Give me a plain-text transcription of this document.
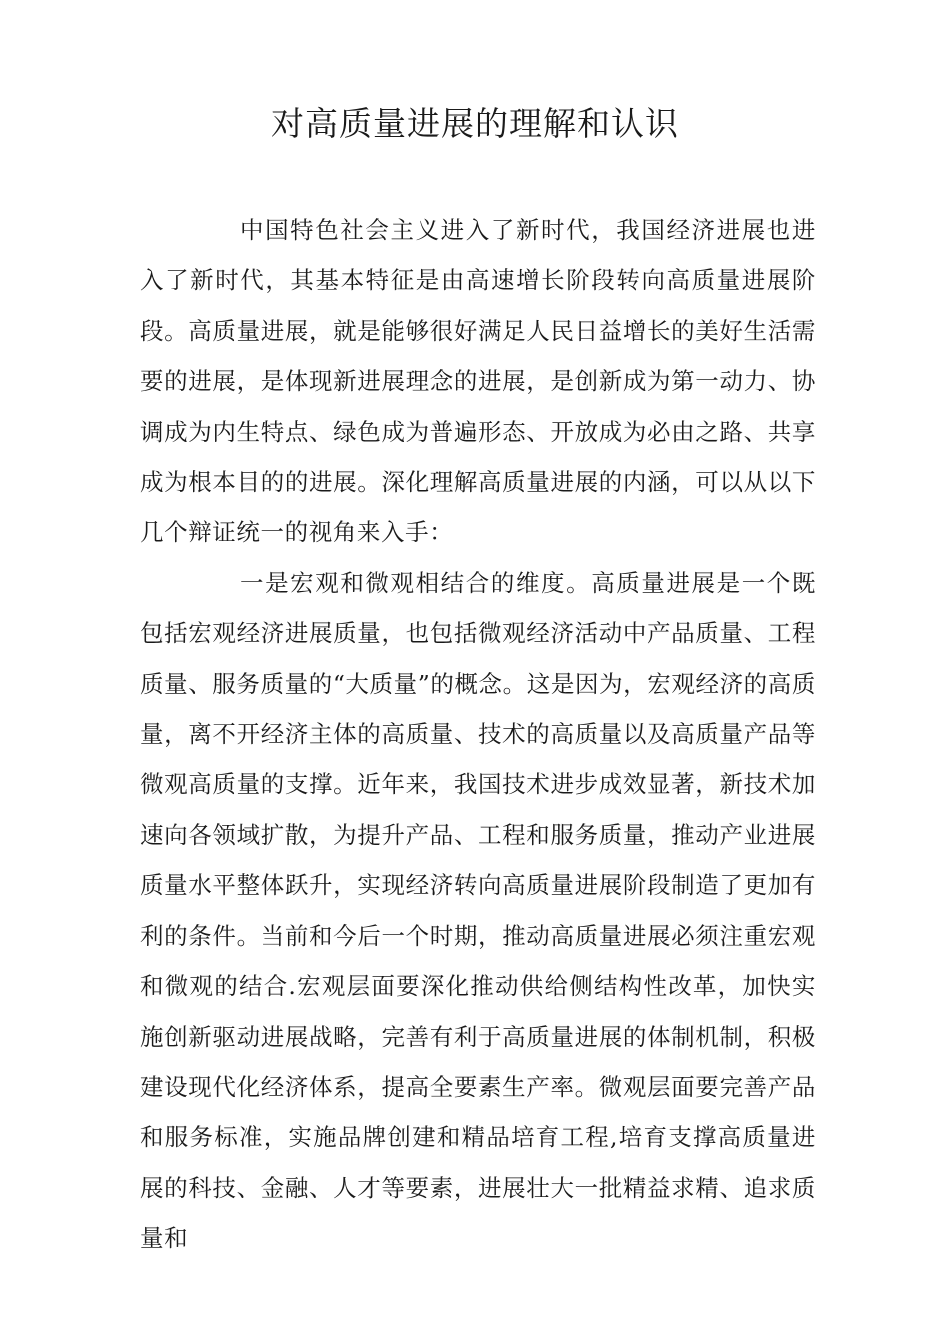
对高质量进展的理解和认识

中国特色社会主义进入了新时代，我国经济进展也进入了新时代，其基本特征是由高速增长阶段转向高质量进展阶段。高质量进展，就是能够很好满足人民日益增长的美好生活需要的进展，是体现新进展理念的进展，是创新成为第一动力、协调成为内生特点、绿色成为普遍形态、开放成为必由之路、共享成为根本目的的进展。深化理解高质量进展的内涵，可以从以下几个辩证统一的视角来入手：

一是宏观和微观相结合的维度。高质量进展是一个既包括宏观经济进展质量，也包括微观经济活动中产品质量、工程质量、服务质量的“大质量”的概念。这是因为，宏观经济的高质量，离不开经济主体的高质量、技术的高质量以及高质量产品等微观高质量的支撑。近年来，我国技术进步成效显著，新技术加速向各领域扩散，为提升产品、工程和服务质量，推动产业进展质量水平整体跃升，实现经济转向高质量进展阶段制造了更加有利的条件。当前和今后一个时期，推动高质量进展必须注重宏观和微观的结合.宏观层面要深化推动供给侧结构性改革，加快实施创新驱动进展战略，完善有利于高质量进展的体制机制，积极建设现代化经济体系，提高全要素生产率。微观层面要完善产品和服务标准，实施品牌创建和精品培育工程,培育支撑高质量进展的科技、金融、人才等要素，进展壮大一批精益求精、追求质量和
